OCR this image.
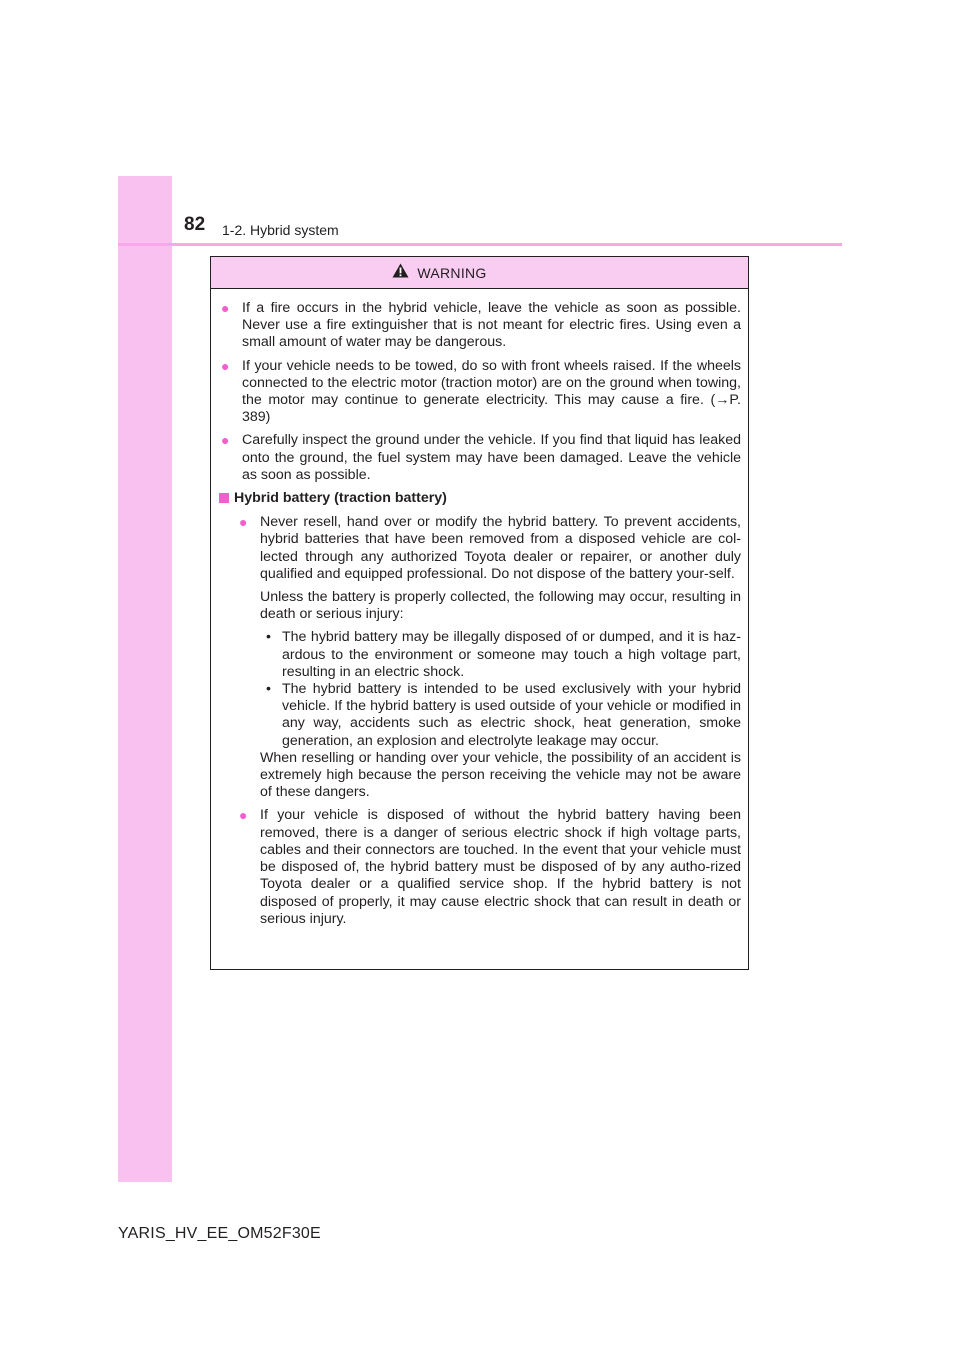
82 1-2. Hybrid system
WARNING
● If a fire occurs in the hybrid vehicle, leave the vehicle as soon as possible. Never use a fire extinguisher that is not meant for electric fires. Using even a small amount of water may be dangerous.
● If your vehicle needs to be towed, do so with front wheels raised. If the wheels connected to the electric motor (traction motor) are on the ground when towing, the motor may continue to generate electricity. This may cause a fire. (→P. 389)
● Carefully inspect the ground under the vehicle. If you find that liquid has leaked onto the ground, the fuel system may have been damaged. Leave the vehicle as soon as possible.
Hybrid battery (traction battery)
● Never resell, hand over or modify the hybrid battery. To prevent accidents, hybrid batteries that have been removed from a disposed vehicle are col-lected through any authorized Toyota dealer or repairer, or another duly qualified and equipped professional. Do not dispose of the battery your-self.
Unless the battery is properly collected, the following may occur, resulting in death or serious injury:
• The hybrid battery may be illegally disposed of or dumped, and it is haz-ardous to the environment or someone may touch a high voltage part, resulting in an electric shock.
• The hybrid battery is intended to be used exclusively with your hybrid vehicle. If the hybrid battery is used outside of your vehicle or modified in any way, accidents such as electric shock, heat generation, smoke generation, an explosion and electrolyte leakage may occur.
When reselling or handing over your vehicle, the possibility of an accident is extremely high because the person receiving the vehicle may not be aware of these dangers.
● If your vehicle is disposed of without the hybrid battery having been removed, there is a danger of serious electric shock if high voltage parts, cables and their connectors are touched. In the event that your vehicle must be disposed of, the hybrid battery must be disposed of by any autho-rized Toyota dealer or a qualified service shop. If the hybrid battery is not disposed of properly, it may cause electric shock that can result in death or serious injury.
YARIS_HV_EE_OM52F30E
